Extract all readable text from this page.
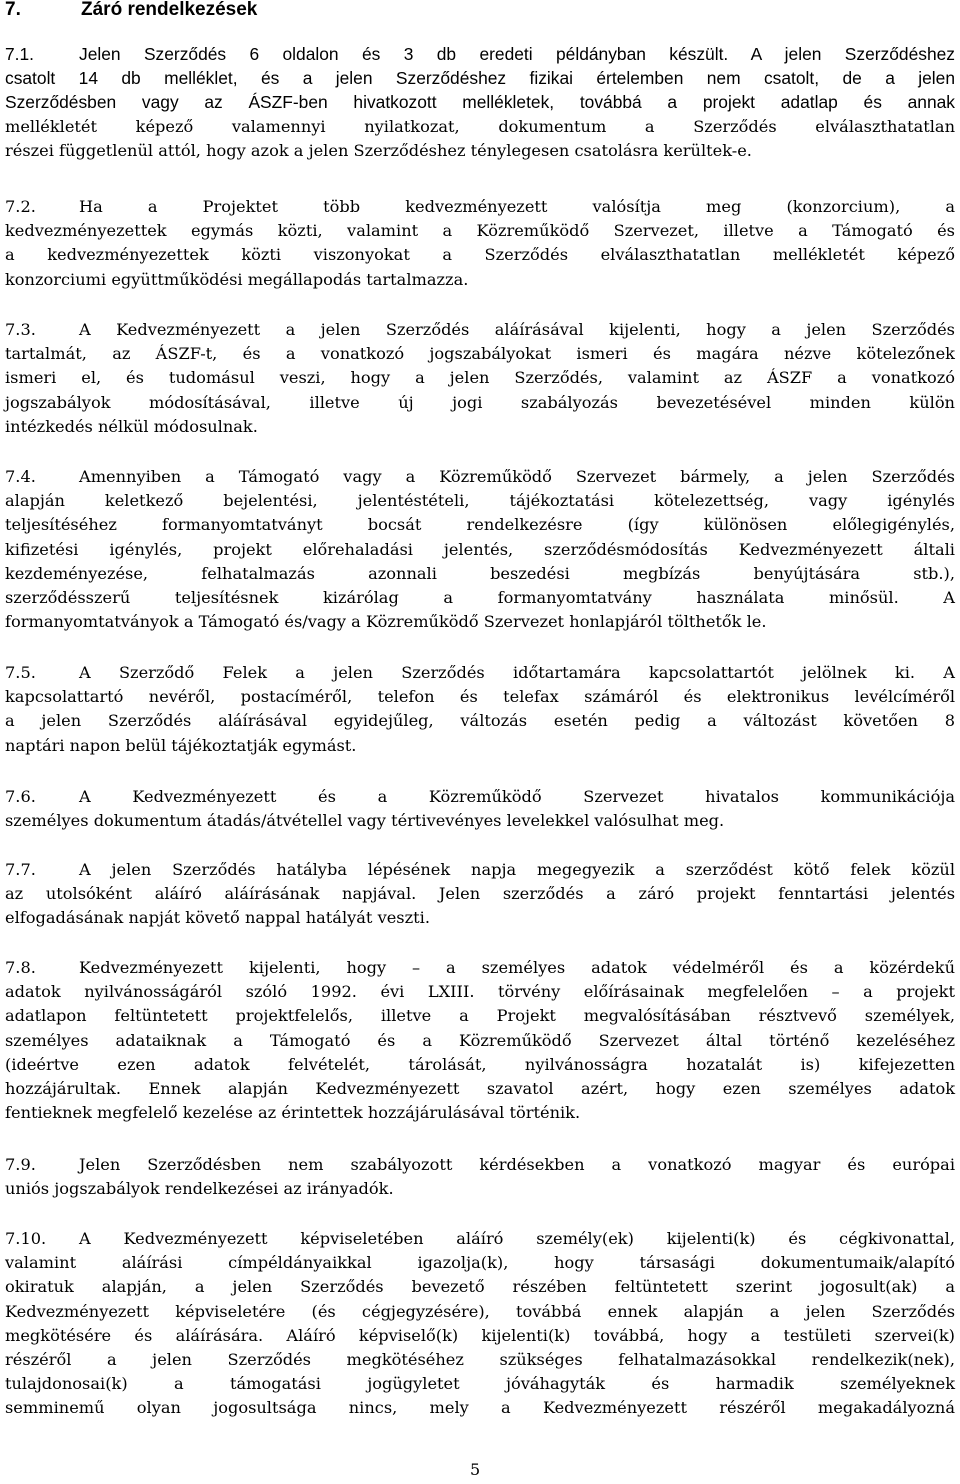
7.	Záró rendelkezések
7.1.	Jelen Szerződés 6 oldalon és 3 db eredeti példányban készült. A jelen Szerződéshez
csatolt 14 db melléklet, és a jelen Szerződéshez fizikai értelemben nem csatolt, de a jelen
Szerződésben vagy az ÁSZF-ben hivatkozott mellékletek, továbbá a projekt adatlap és annak
mellékletét képező valamennyi nyilatkozat, dokumentum a Szerződés elválaszthatatlan
részei függetlenül attól, hogy azok a jelen Szerződéshez ténylegesen csatolásra kerültek-e.
7.2.	Ha a Projektet több kedvezményezett valósítja meg (konzorcium), a
kedvezményezettek egymás közti, valamint a Közreműködő Szervezet, illetve a Támogató és
a kedvezményezettek közti viszonyokat a Szerződés elválaszthatatlan mellékletét képező
konzorciumi együttműködési megállapodás tartalmazza.
7.3.	A Kedvezményezett a jelen Szerződés aláírásával kijelenti, hogy a jelen Szerződés
tartalmát, az ÁSZF-t, és a vonatkozó jogszabályokat ismeri és magára nézve kötelezőnek
ismeri el, és tudomásul veszi, hogy a jelen Szerződés, valamint az ÁSZF a vonatkozó
jogszabályok módosításával, illetve új jogi szabályozás bevezetésével minden külön
intézkedés nélkül módosulnak.
7.4.	Amennyiben a Támogató vagy a Közreműködő Szervezet bármely, a jelen Szerződés
alapján keletkező bejelentési, jelentéstételi, tájékoztatási kötelezettség, vagy igénylés
teljesítéséhez formanyomtatványt bocsát rendelkezésre (így különösen előlegigénylés,
kifizetési igénylés, projekt előrehaladási jelentés, szerződésmódosítás Kedvezményezett általi
kezdeményezése, felhatalmazás azonnali beszedési megbízás benyújtására stb.),
szerződésszerű teljesítésnek kizárólag a formanyomtatvány használata minősül. A
formanyomtatványok a Támogató és/vagy a Közreműködő Szervezet honlapjáról tölthetők le.
7.5.	A Szerződő Felek a jelen Szerződés időtartamára kapcsolattartót jelölnek ki. A
kapcsolattartó nevéről, postacíméről, telefon és telefax számáról és elektronikus levélcíméről
a jelen Szerződés aláírásával egyidejűleg, változás esetén pedig a változást követően 8
naptári napon belül tájékoztatják egymást.
7.6.	A Kedvezményezett és a Közreműködő Szervezet hivatalos kommunikációja
személyes dokumentum átadás/átvétellel vagy tértivevényes levelekkel valósulhat meg.
7.7.	A jelen Szerződés hatályba lépésének napja megegyezik a szerződést kötő felek közül
az utolsóként aláíró aláírásának napjával. Jelen szerződés a záró projekt fenntartási jelentés
elfogadásának napját követő nappal hatályát veszti.
7.8.	Kedvezményezett kijelenti, hogy – a személyes adatok védelméről és a közérdekű
adatok nyilvánosságáról szóló 1992. évi LXIII. törvény előírásainak megfelelően – a projekt
adatlapon feltüntetett projektfelelős, illetve a Projekt megvalósításában résztvevő személyek,
személyes adataiknak a Támogató és a Közreműködő Szervezet által történő kezeléséhez
(ideértve ezen adatok felvételét, tárolását, nyilvánosságra hozatalát is) kifejezetten
hozzájárultak. Ennek alapján Kedvezményezett szavatol azért, hogy ezen személyes adatok
fentieknek megfelelő kezelése az érintettek hozzájárulásával történik.
7.9.	Jelen Szerződésben nem szabályozott kérdésekben a vonatkozó magyar és európai
uniós jogszabályok rendelkezései az irányadók.
7.10. A Kedvezményezett képviseletében aláíró személy(ek) kijelenti(k) és cégkivonattal,
valamint aláírási címpéldányaikkal igazolja(k), hogy társasági dokumentumaik/alapító
okiratuk alapján, a jelen Szerződés bevezető részében feltüntetett szerint jogosult(ak) a
Kedvezményezett képviseletére (és cégjegyzésére), továbbá ennek alapján a jelen Szerződés
megkötésére és aláírására. Aláíró képviselő(k) kijelenti(k) továbbá, hogy a testületi szervei(k)
részéről a jelen Szerződés megkötéséhez szükséges felhatalmazásokkal rendelkezik(nek),
tulajdonosai(k) a támogatási jogügyletet jóváhagyták és harmadik személyeknek
semminemű olyan jogosultsága nincs, mely a Kedvezményezett részéről megakadályozná
5
